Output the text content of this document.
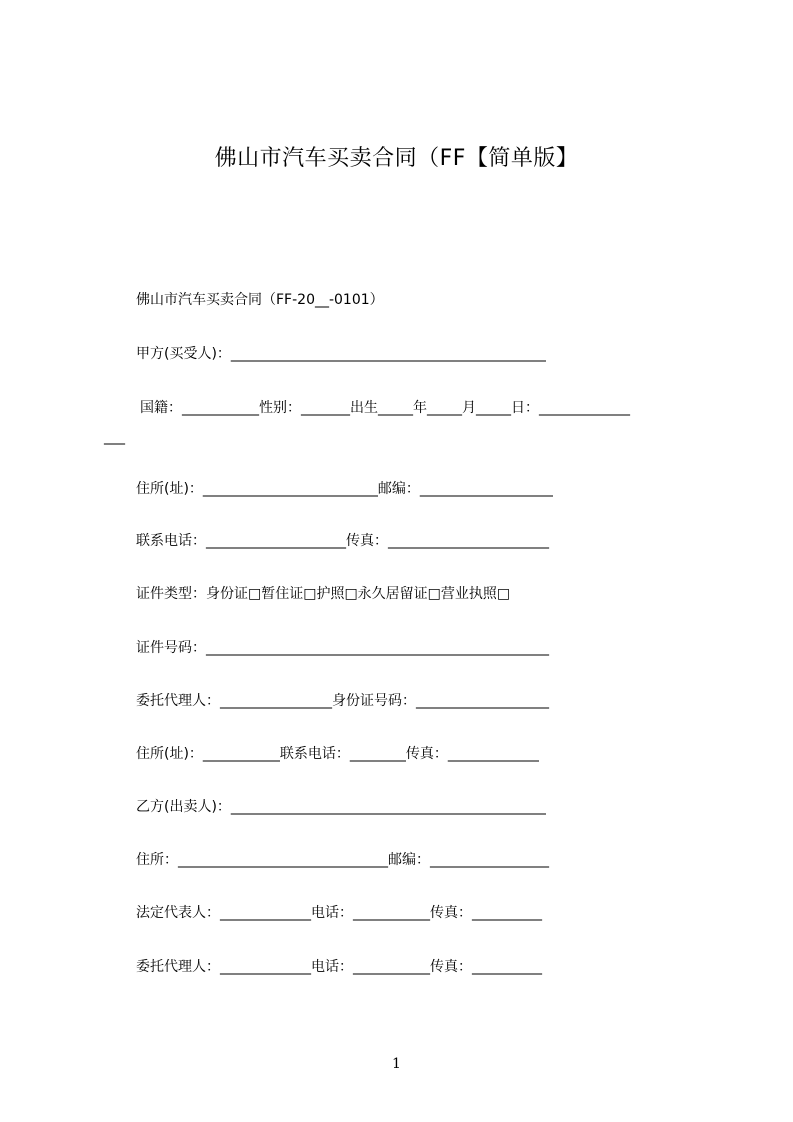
佛山市汽车买卖合同（FF【简单版】
佛山市汽车买卖合同（FF-20__-0101）
甲方(买受人)：_____________________________________________
国籍：___________性别：_______出生_____年_____月_____日：_____________
___
住所(址)：_________________________邮编：___________________
联系电话：____________________传真：_______________________
证件类型：身份证□暂住证□护照□永久居留证□营业执照□
证件号码：_________________________________________________
委托代理人：________________身份证号码：___________________
住所(址)：___________联系电话：________传真：_____________
乙方(出卖人)：_____________________________________________
住所：______________________________邮编：_________________
法定代表人：_____________电话：___________传真：__________
委托代理人：_____________电话：___________传真：__________
1
